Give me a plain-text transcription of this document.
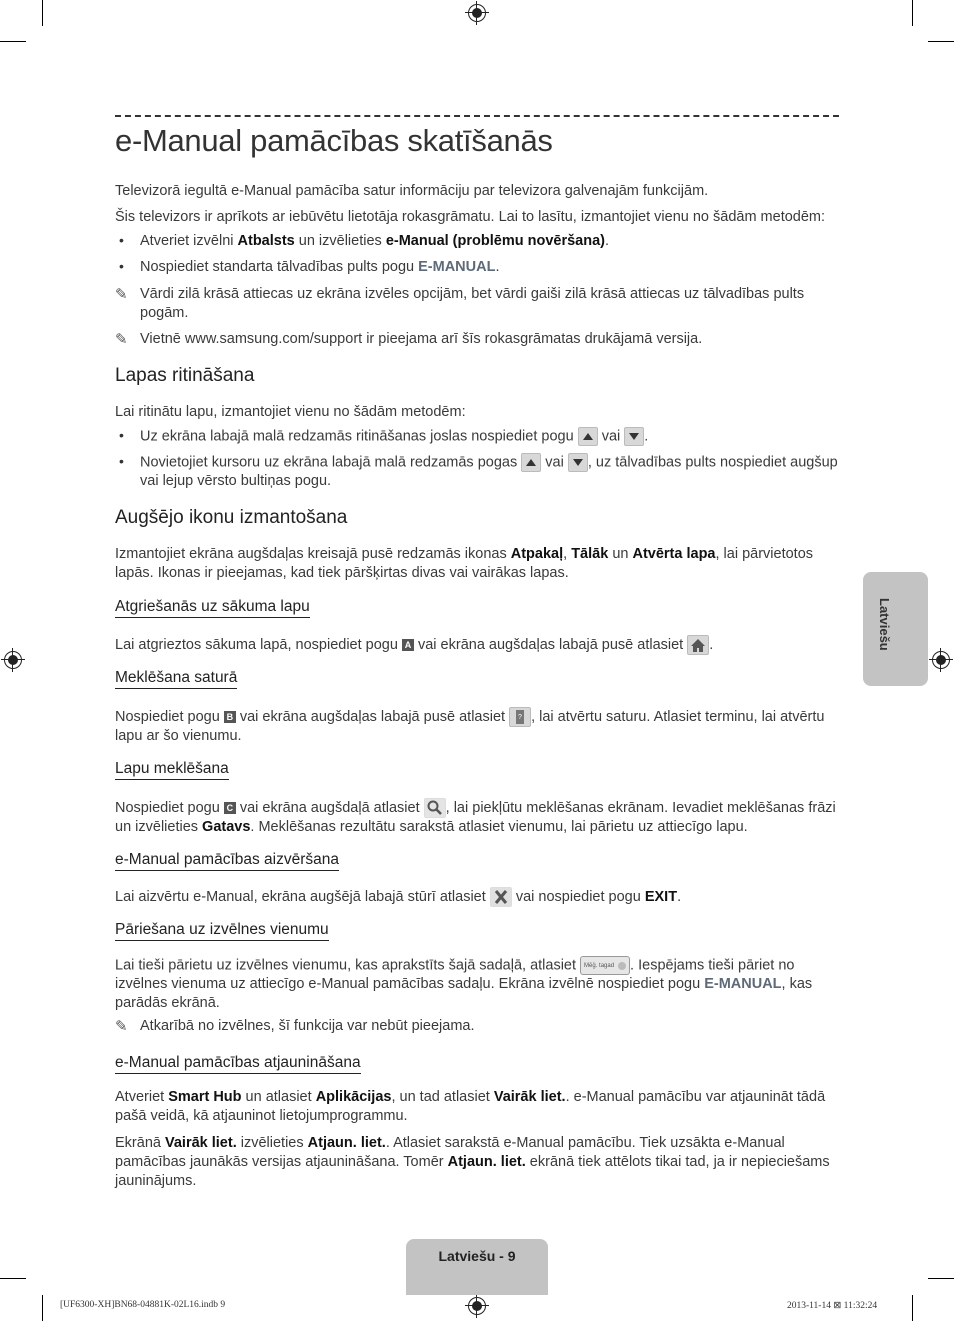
e-Manual pamācības skatīšanās

Televizorā iegultā e-Manual pamācība satur informāciju par televizora galvenajām funkcijām.

Šis televizors ir aprīkots ar iebūvētu lietotāja rokasgrāmatu. Lai to lasītu, izmantojiet vienu no šādām metodēm:

• Atveriet izvēlni Atbalsts un izvēlieties e-Manual (problēmu novēršana).

• Nospiediet standarta tālvadības pults pogu E-MANUAL.

✎ Vārdi zilā krāsā attiecas uz ekrāna izvēles opcijām, bet vārdi gaiši zilā krāsā attiecas uz tālvadības pults pogām.

✎ Vietnē www.samsung.com/support ir pieejama arī šīs rokasgrāmatas drukājamā versija.

Lapas ritināšana

Lai ritinātu lapu, izmantojiet vienu no šādām metodēm:

• Uz ekrāna labajā malā redzamās ritināšanas joslas nospiediet pogu  vai .

• Novietojiet kursoru uz ekrāna labajā malā redzamās pogas  vai , uz tālvadības pults nospiediet augšup vai lejup vērsto bultiņas pogu.

Augšējo ikonu izmantošana

Izmantojiet ekrāna augšdaļas kreisajā pusē redzamās ikonas Atpakaļ, Tālāk un Atvērta lapa, lai pārvietotos lapās. Ikonas ir pieejamas, kad tiek pāršķirtas divas vai vairākas lapas.

Atgriešanās uz sākuma lapu

Lai atgrieztos sākuma lapā, nospiediet pogu A vai ekrāna augšdaļas labajā pusē atlasiet .

Meklēšana saturā

Nospiediet pogu B vai ekrāna augšdaļas labajā pusē atlasiet ? , lai atvērtu saturu. Atlasiet terminu, lai atvērtu lapu ar šo vienumu.

Lapu meklēšana

Nospiediet pogu C vai ekrāna augšdaļā atlasiet , lai piekļūtu meklēšanas ekrānam. Ievadiet meklēšanas frāzi un izvēlieties Gatavs. Meklēšanas rezultātu sarakstā atlasiet vienumu, lai pārietu uz attiecīgo lapu.

e-Manual pamācības aizvēršana

Lai aizvērtu e-Manual, ekrāna augšējā labajā stūrī atlasiet  vai nospiediet pogu EXIT.

Pāriešana uz izvēlnes vienumu

Lai tieši pārietu uz izvēlnes vienumu, kas aprakstīts šajā sadaļā, atlasiet Mēģ. tagad . Iespējams tieši pāriet no izvēlnes vienuma uz attiecīgo e-Manual pamācības sadaļu. Ekrāna izvēlnē nospiediet pogu E-MANUAL, kas parādās ekrānā.

✎ Atkarībā no izvēlnes, šī funkcija var nebūt pieejama.

e-Manual pamācības atjaunināšana

Atveriet Smart Hub un atlasiet Aplikācijas, un tad atlasiet Vairāk liet.. e-Manual pamācību var atjaunināt tādā pašā veidā, kā atjauninot lietojumprogrammu.

Ekrānā Vairāk liet. izvēlieties Atjaun. liet.. Atlasiet sarakstā e-Manual pamācību. Tiek uzsākta e-Manual pamācības jaunākās versijas atjaunināšana. Tomēr Atjaun. liet. ekrānā tiek attēlots tikai tad, ja ir nepieciešams jauninājums.

Latviešu
Latviešu - 9
[UF6300-XH]BN68-04881K-02L16.indb 9	2013-11-14 ⊠ 11:32:24
